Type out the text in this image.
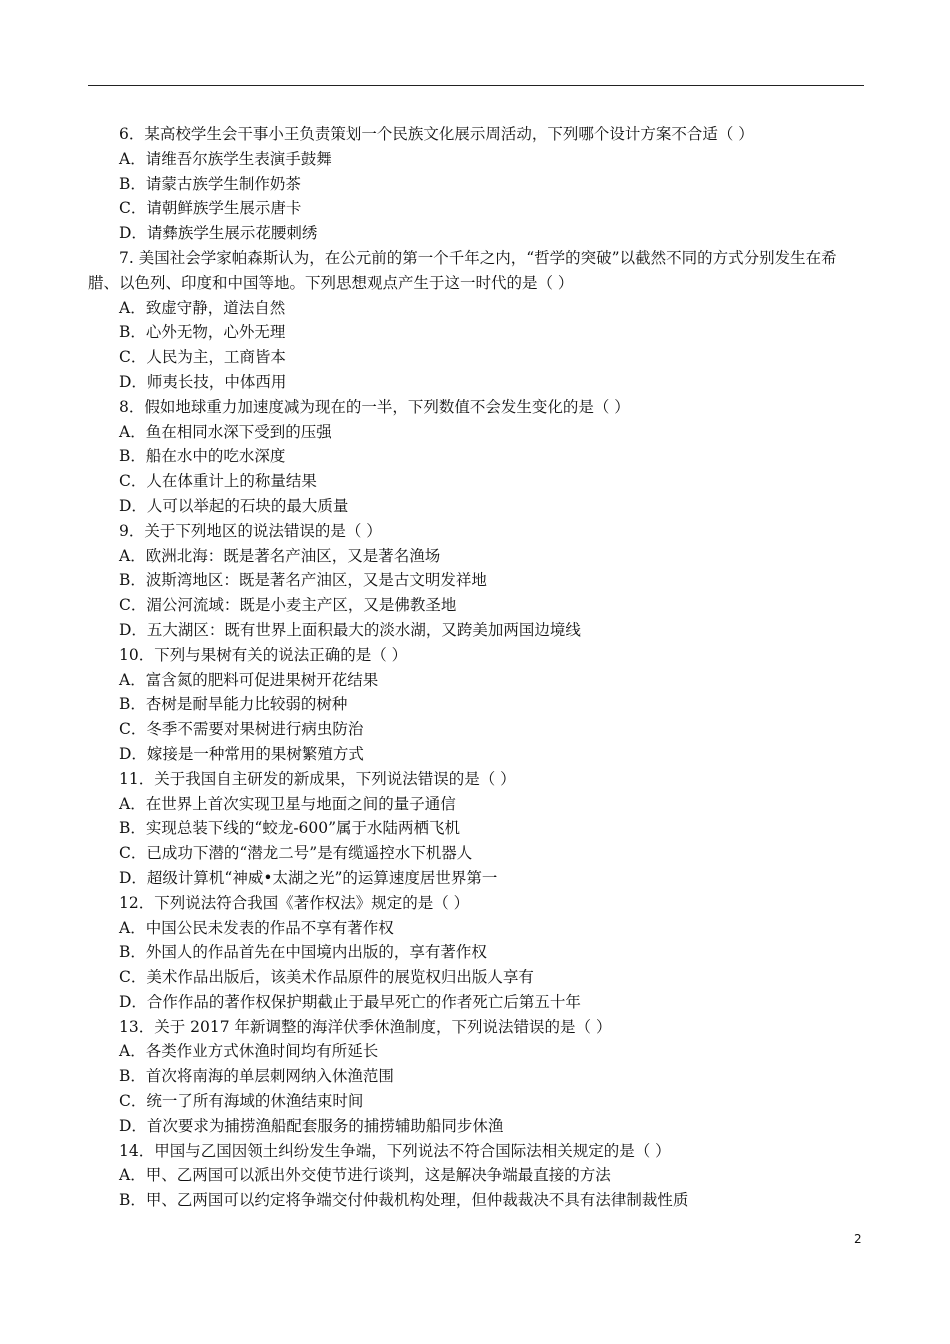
6．某高校学生会干事小王负责策划一个民族文化展示周活动，下列哪个设计方案不合适（ ）
A．请维吾尔族学生表演手鼓舞
B．请蒙古族学生制作奶茶
C．请朝鲜族学生展示唐卡
D．请彝族学生展示花腰刺绣
7. 美国社会学家帕森斯认为，在公元前的第一个千年之内，“哲学的突破”以截然不同的方式分别发生在希腊、以色列、印度和中国等地。下列思想观点产生于这一时代的是（ ）
A．致虚守静，道法自然
B．心外无物，心外无理
C．人民为主，工商皆本
D．师夷长技，中体西用
8．假如地球重力加速度减为现在的一半，下列数值不会发生变化的是（ ）
A．鱼在相同水深下受到的压强
B．船在水中的吃水深度
C．人在体重计上的称量结果
D．人可以举起的石块的最大质量
9．关于下列地区的说法错误的是（ ）
A．欧洲北海：既是著名产油区，又是著名渔场
B．波斯湾地区：既是著名产油区，又是古文明发祥地
C．湄公河流域：既是小麦主产区，又是佛教圣地
D．五大湖区：既有世界上面积最大的淡水湖，又跨美加两国边境线
10．下列与果树有关的说法正确的是（ ）
A．富含氮的肥料可促进果树开花结果
B．杏树是耐旱能力比较弱的树种
C．冬季不需要对果树进行病虫防治
D．嫁接是一种常用的果树繁殖方式
11．关于我国自主研发的新成果，下列说法错误的是（ ）
A．在世界上首次实现卫星与地面之间的量子通信
B．实现总装下线的“蛟龙-600”属于水陆两栖飞机
C．已成功下潜的“潜龙二号”是有缆遥控水下机器人
D．超级计算机“神威•太湖之光”的运算速度居世界第一
12．下列说法符合我国《著作权法》规定的是（ ）
A．中国公民未发表的作品不享有著作权
B．外国人的作品首先在中国境内出版的，享有著作权
C．美术作品出版后，该美术作品原件的展览权归出版人享有
D．合作作品的著作权保护期截止于最早死亡的作者死亡后第五十年
13．关于 2017 年新调整的海洋伏季休渔制度，下列说法错误的是（ ）
A．各类作业方式休渔时间均有所延长
B．首次将南海的单层刺网纳入休渔范围
C．统一了所有海域的休渔结束时间
D．首次要求为捕捞渔船配套服务的捕捞辅助船同步休渔
14．甲国与乙国因领土纠纷发生争端，下列说法不符合国际法相关规定的是（ ）
A．甲、乙两国可以派出外交使节进行谈判，这是解决争端最直接的方法
B．甲、乙两国可以约定将争端交付仲裁机构处理，但仲裁裁决不具有法律制裁性质
2
